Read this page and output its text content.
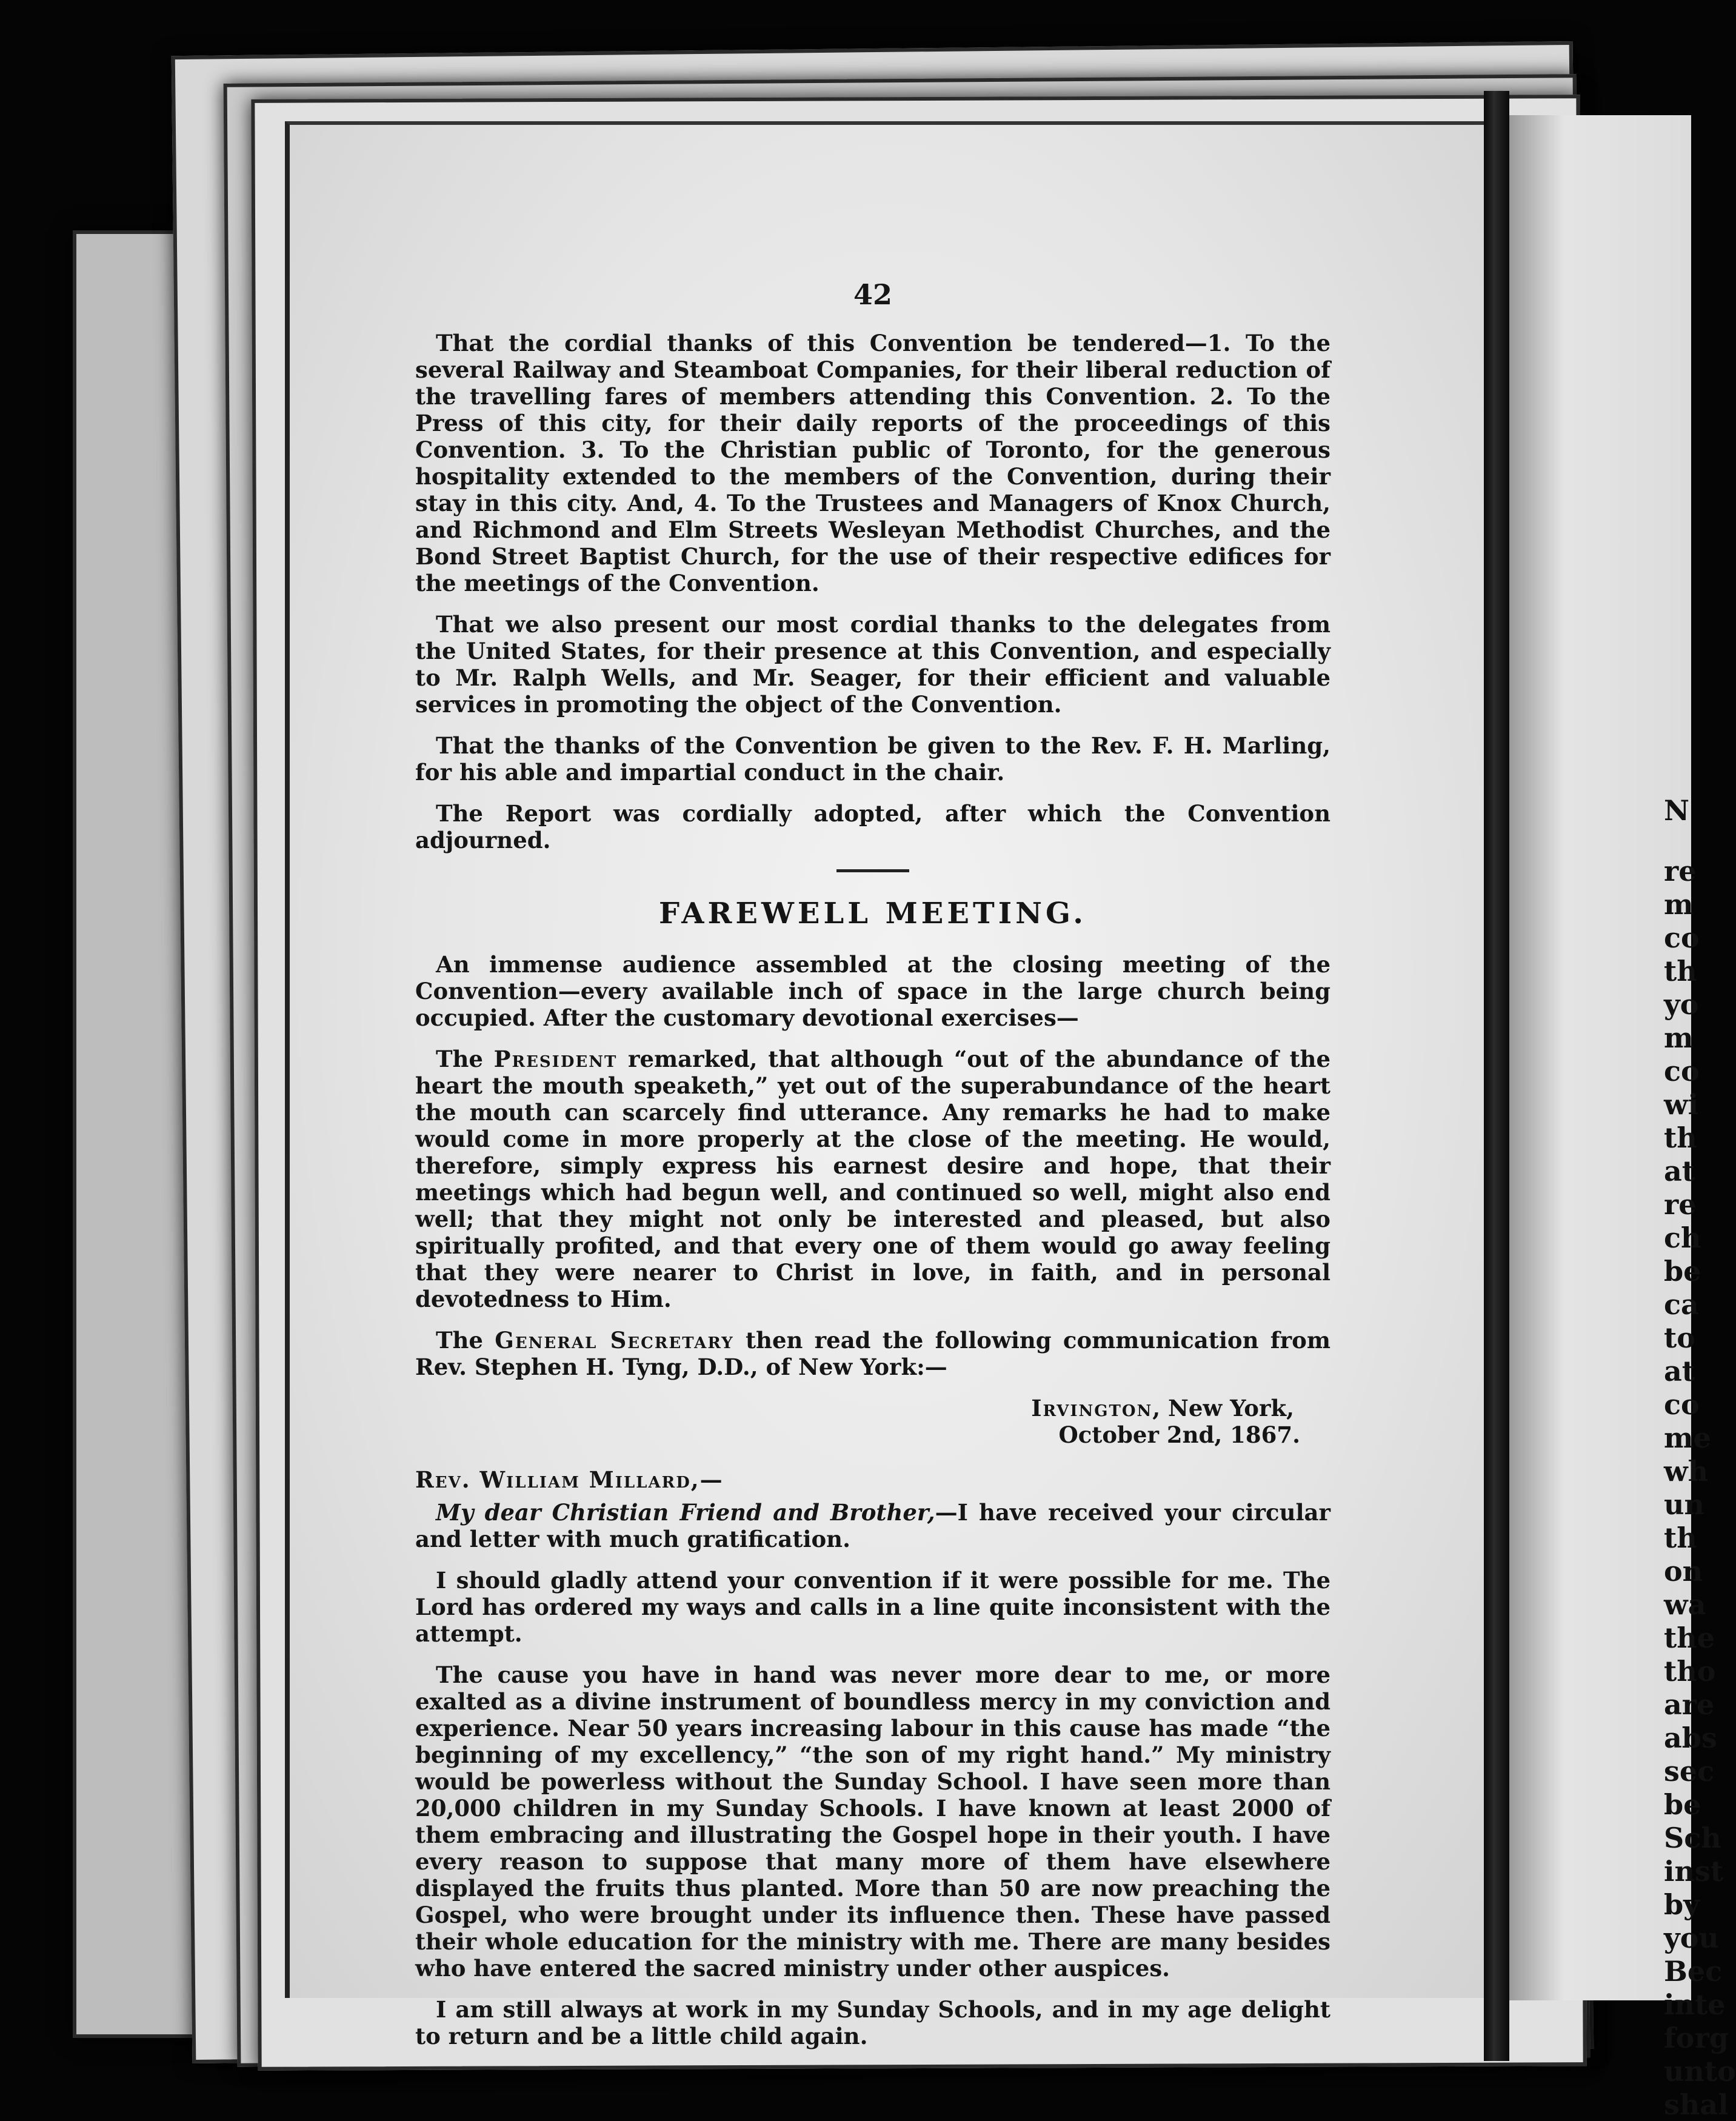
N
re
m
co
th
yo
m
co
wi
th
at
re
ch
be
ca
to
at
co
me
wh
un
th
on
wa
the
tho
are
abs
sec
be
Sch
inst
by
you
Bec
inte
forg
unto
shal
42

That the cordial thanks of this Convention be tendered—1. To the several Railway and Steamboat Companies, for their liberal reduction of the travelling fares of members attending this Convention. 2. To the Press of this city, for their daily reports of the proceedings of this Convention. 3. To the Christian public of Toronto, for the generous hospitality extended to the members of the Convention, during their stay in this city. And, 4. To the Trustees and Managers of Knox Church, and Richmond and Elm Streets Wesleyan Methodist Churches, and the Bond Street Baptist Church, for the use of their respective edifices for the meetings of the Convention.

That we also present our most cordial thanks to the delegates from the United States, for their presence at this Convention, and especially to Mr. Ralph Wells, and Mr. Seager, for their efficient and valuable services in promoting the object of the Convention.

That the thanks of the Convention be given to the Rev. F. H. Marling, for his able and impartial conduct in the chair.

The Report was cordially adopted, after which the Convention adjourned.

FAREWELL MEETING.

An immense audience assembled at the closing meeting of the Convention—every available inch of space in the large church being occupied. After the customary devotional exercises—

The President remarked, that although “out of the abundance of the heart the mouth speaketh,” yet out of the superabundance of the heart the mouth can scarcely find utterance. Any remarks he had to make would come in more properly at the close of the meeting. He would, therefore, simply express his earnest desire and hope, that their meetings which had begun well, and continued so well, might also end well; that they might not only be interested and pleased, but also spiritually profited, and that every one of them would go away feeling that they were nearer to Christ in love, in faith, and in personal devotedness to Him.

The General Secretary then read the following communication from Rev. Stephen H. Tyng, D.D., of New York:—

Irvington, New York,

October 2nd, 1867.

Rev. William Millard,—

My dear Christian Friend and Brother,—I have received your circular and letter with much gratification.

I should gladly attend your convention if it were possible for me. The Lord has ordered my ways and calls in a line quite inconsistent with the attempt.

The cause you have in hand was never more dear to me, or more exalted as a divine instrument of boundless mercy in my conviction and experience. Near 50 years increasing labour in this cause has made “the beginning of my excellency,” “the son of my right hand.” My ministry would be powerless without the Sunday School. I have seen more than 20,000 children in my Sunday Schools. I have known at least 2000 of them embracing and illustrating the Gospel hope in their youth. I have every reason to suppose that many more of them have elsewhere displayed the fruits thus planted. More than 50 are now preaching the Gospel, who were brought under its influence then. These have passed their whole education for the ministry with me. There are many besides who have entered the sacred ministry under other auspices.

I am still always at work in my Sunday Schools, and in my age delight to return and be a little child again.
